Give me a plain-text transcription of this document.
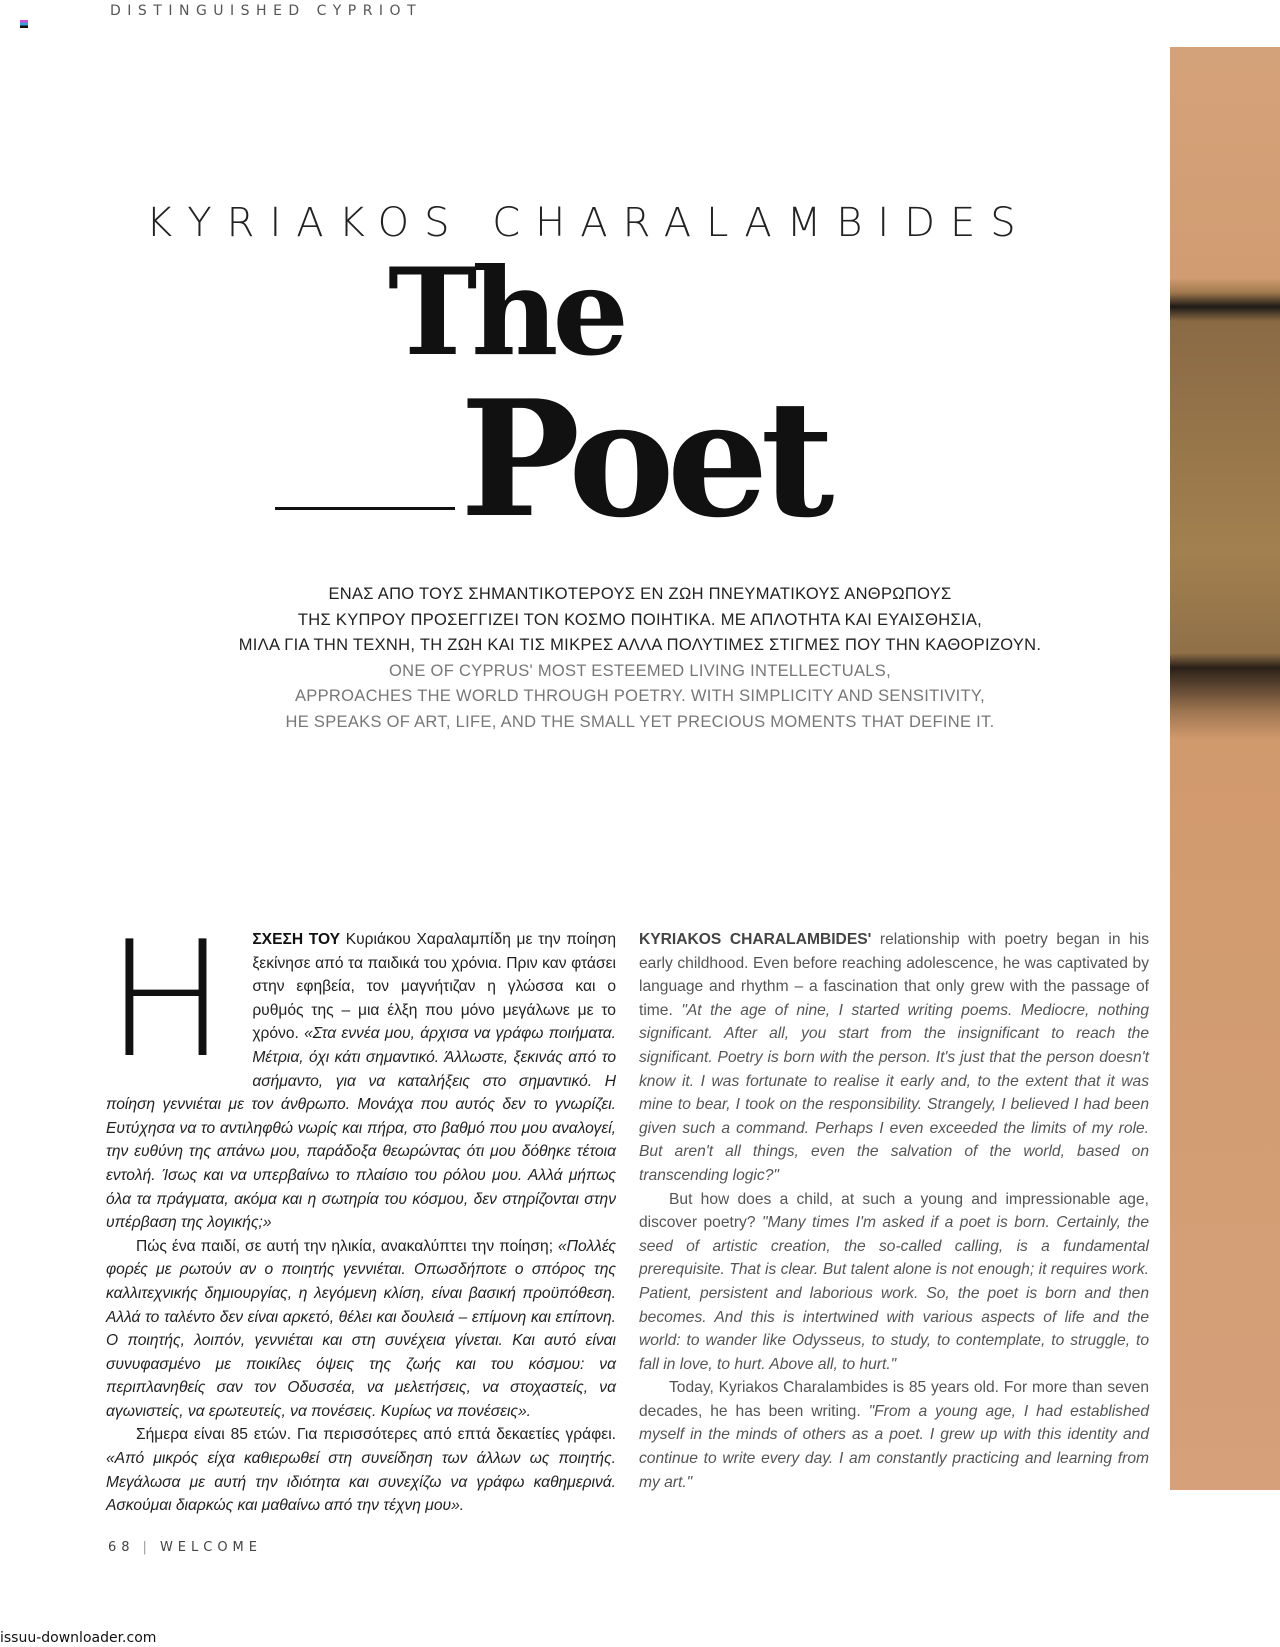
DISTINGUISHED CYPRIOT
KYRIAKOS CHARALAMBIDES
The
Poet
ΕΝΑΣ ΑΠΟ ΤΟΥΣ ΣΗΜΑΝΤΙΚΟΤΕΡΟΥΣ ΕΝ ΖΩΗ ΠΝΕΥΜΑΤΙΚΟΥΣ ΑΝΘΡΩΠΟΥΣ
ΤΗΣ ΚΥΠΡΟΥ ΠΡΟΣΕΓΓΙΖΕΙ ΤΟΝ ΚΟΣΜΟ ΠΟΙΗΤΙΚΑ. ΜΕ ΑΠΛΟΤΗΤΑ ΚΑΙ ΕΥΑΙΣΘΗΣΙΑ,
ΜΙΛΑ ΓΙΑ ΤΗΝ ΤΕΧΝΗ, ΤΗ ΖΩΗ ΚΑΙ ΤΙΣ ΜΙΚΡΕΣ ΑΛΛΑ ΠΟΛΥΤΙΜΕΣ ΣΤΙΓΜΕΣ ΠΟΥ ΤΗΝ ΚΑΘΟΡΙΖΟΥΝ.
ONE OF CYPRUS' MOST ESTEEMED LIVING INTELLECTUALS,
APPROACHES THE WORLD THROUGH POETRY. WITH SIMPLICITY AND SENSITIVITY,
HE SPEAKS OF ART, LIFE, AND THE SMALL YET PRECIOUS MOMENTS THAT DEFINE IT.

Η ΣΧΕΣΗ ΤΟΥ Κυριάκου Χαραλαμπίδη με την ποίηση ξεκίνησε από τα παιδικά του χρόνια. Πριν καν φτάσει στην εφηβεία, τον μαγνήτιζαν η γλώσσα και ο ρυθμός της – μια έλξη που μόνο μεγάλωνε με το χρόνο. «Στα εννέα μου, άρχισα να γράφω ποιήματα. Μέτρια, όχι κάτι σημαντικό. Άλλωστε, ξεκινάς από το ασήμαντο, για να καταλήξεις στο σημαντικό. Η ποίηση γεννιέται με τον άνθρωπο. Μονάχα που αυτός δεν το γνωρίζει. Ευτύχησα να το αντιληφθώ νωρίς και πήρα, στο βαθμό που μου αναλογεί, την ευθύνη της απάνω μου, παράδοξα θεωρώντας ότι μου δόθηκε τέτοια εντολή. Ίσως και να υπερβαίνω το πλαίσιο του ρόλου μου. Αλλά μήπως όλα τα πράγματα, ακόμα και η σωτηρία του κόσμου, δεν στηρίζονται στην υπέρβαση της λογικής;»

Πώς ένα παιδί, σε αυτή την ηλικία, ανακαλύπτει την ποίηση; «Πολλές φορές με ρωτούν αν ο ποιητής γεννιέται. Οπωσδήποτε ο σπόρος της καλλιτεχνικής δημιουργίας, η λεγόμενη κλίση, είναι βασική προϋπόθεση. Αλλά το ταλέντο δεν είναι αρκετό, θέλει και δουλειά – επίμονη και επίπονη. Ο ποιητής, λοιπόν, γεννιέται και στη συνέχεια γίνεται. Και αυτό είναι συνυφασμένο με ποικίλες όψεις της ζωής και του κόσμου: να περιπλανηθείς σαν τον Οδυσσέα, να μελετήσεις, να στοχαστείς, να αγωνιστείς, να ερωτευτείς, να πονέσεις. Κυρίως να πονέσεις».

Σήμερα είναι 85 ετών. Για περισσότερες από επτά δεκαετίες γράφει. «Από μικρός είχα καθιερωθεί στη συνείδηση των άλλων ως ποιητής. Μεγάλωσα με αυτή την ιδιότητα και συνεχίζω να γράφω καθημερινά. Ασκούμαι διαρκώς και μαθαίνω από την τέχνη μου».

KYRIAKOS CHARALAMBIDES' relationship with poetry began in his early childhood. Even before reaching adolescence, he was captivated by language and rhythm – a fascination that only grew with the passage of time. "At the age of nine, I started writing poems. Mediocre, nothing significant. After all, you start from the insignificant to reach the significant. Poetry is born with the person. It's just that the person doesn't know it. I was fortunate to realise it early and, to the extent that it was mine to bear, I took on the responsibility. Strangely, I believed I had been given such a command. Perhaps I even exceeded the limits of my role. But aren't all things, even the salvation of the world, based on transcending logic?"

But how does a child, at such a young and impressionable age, discover poetry? "Many times I'm asked if a poet is born. Certainly, the seed of artistic creation, the so-called calling, is a fundamental prerequisite. That is clear. But talent alone is not enough; it requires work. Patient, persistent and laborious work. So, the poet is born and then becomes. And this is intertwined with various aspects of life and the world: to wander like Odysseus, to study, to contemplate, to struggle, to fall in love, to hurt. Above all, to hurt."

Today, Kyriakos Charalambides is 85 years old. For more than seven decades, he has been writing. "From a young age, I had established myself in the minds of others as a poet. I grew up with this identity and continue to write every day. I am constantly practicing and learning from my art."

68 | WELCOME
issuu-downloader.com
